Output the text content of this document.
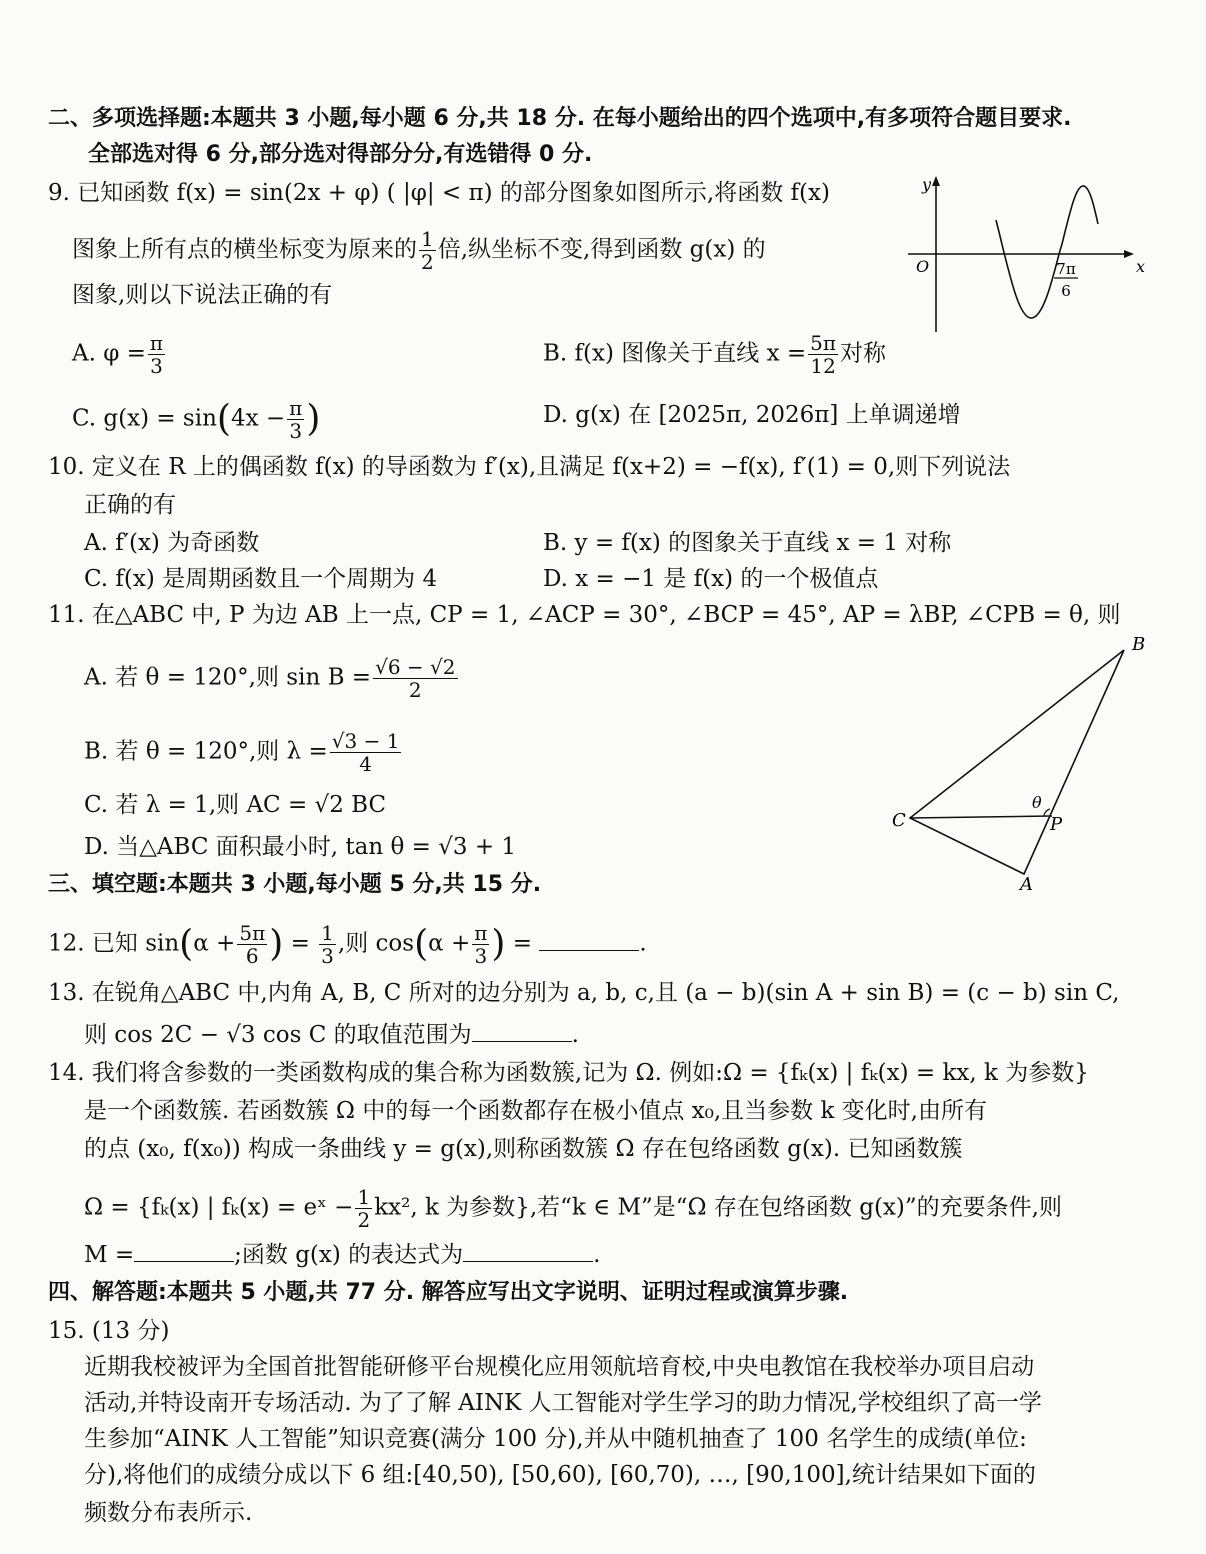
二、多项选择题:本题共 3 小题,每小题 6 分,共 18 分. 在每小题给出的四个选项中,有多项符合题目要求.
全部选对得 6 分,部分选对得部分分,有选错得 0 分.
9. 已知函数 f(x) = sin(2x + φ) ( |φ| < π) 的部分图象如图所示,将函数 f(x)
图象上所有点的横坐标变为原来的 $\frac{1}{2}$ 倍,纵坐标不变,得到函数 g(x) 的
图象,则以下说法正确的有
A. $\varphi = \frac{\pi}{3}$	B. f(x) 图像关于直线 $x = \frac{5\pi}{12}$ 对称
C. $g(x) = \sin(4x - \frac{\pi}{3}$ )	D. g(x) 在 [2025π, 2026π] 上单调递增
y
x
O	7π
6
10. 定义在 R 上的偶函数 f(x) 的导函数为 f′(x),且满足 f(x+2) = −f(x), f′(1) = 0,则下列说法
正确的有
A. f′(x) 为奇函数	B. y = f(x) 的图象关于直线 x = 1 对称
C. f(x) 是周期函数且一个周期为 4	D. x = −1 是 f(x) 的一个极值点
11. 在△ABC 中, P 为边 AB 上一点, CP = 1, ∠ACP = 30°, ∠BCP = 45°, AP = λBP, ∠CPB = θ, 则
A. 若 θ = 120°,则 $\sin B = \frac{√6 - √2}{2}$
B. 若 θ = 120°,则 $\lambda = \frac{√3 - 1}{4}$
C. 若 λ = 1,则 AC = √2 BC
D. 当△ABC 面积最小时, tan θ = √3 + 1
B
C	P
A
θ
三、填空题:本题共 3 小题,每小题 5 分,共 15 分.
12. 已知 $\sin(\alpha + \frac{5\pi}{6}$ ) = $\frac{1}{3}$ ,则 $\cos(\alpha + \frac{\pi}{3}$ ) =	.
13. 在锐角△ABC 中,内角 A, B, C 所对的边分别为 a, b, c,且 (a − b)(sin A + sin B) = (c − b) sin C,
则 cos 2C − √3 cos C 的取值范围为	.
14. 我们将含参数的一类函数构成的集合称为函数簇,记为 Ω. 例如:Ω = {fₖ(x) | fₖ(x) = kx, k 为参数}
是一个函数簇. 若函数簇 Ω 中的每一个函数都存在极小值点 x₀,且当参数 k 变化时,由所有
的点 (x₀, f(x₀)) 构成一条曲线 y = g(x),则称函数簇 Ω 存在包络函数 g(x). 已知函数簇
Ω = {fₖ(x) | fₖ(x) = eˣ − $\frac{1}{2} kx^2$, k 为参数},若“k ∈ M”是“Ω 存在包络函数 g(x)”的充要条件,则
M =	;函数 g(x) 的表达式为	.
四、解答题:本题共 5 小题,共 77 分. 解答应写出文字说明、证明过程或演算步骤.
15. (13 分)
近期我校被评为全国首批智能研修平台规模化应用领航培育校,中央电教馆在我校举办项目启动
活动,并特设南开专场活动. 为了了解 AINK 人工智能对学生学习的助力情况,学校组织了高一学
生参加“AINK 人工智能”知识竞赛(满分 100 分),并从中随机抽查了 100 名学生的成绩(单位:
分),将他们的成绩分成以下 6 组:[40,50), [50,60), [60,70), …, [90,100],统计结果如下面的
频数分布表所示.
